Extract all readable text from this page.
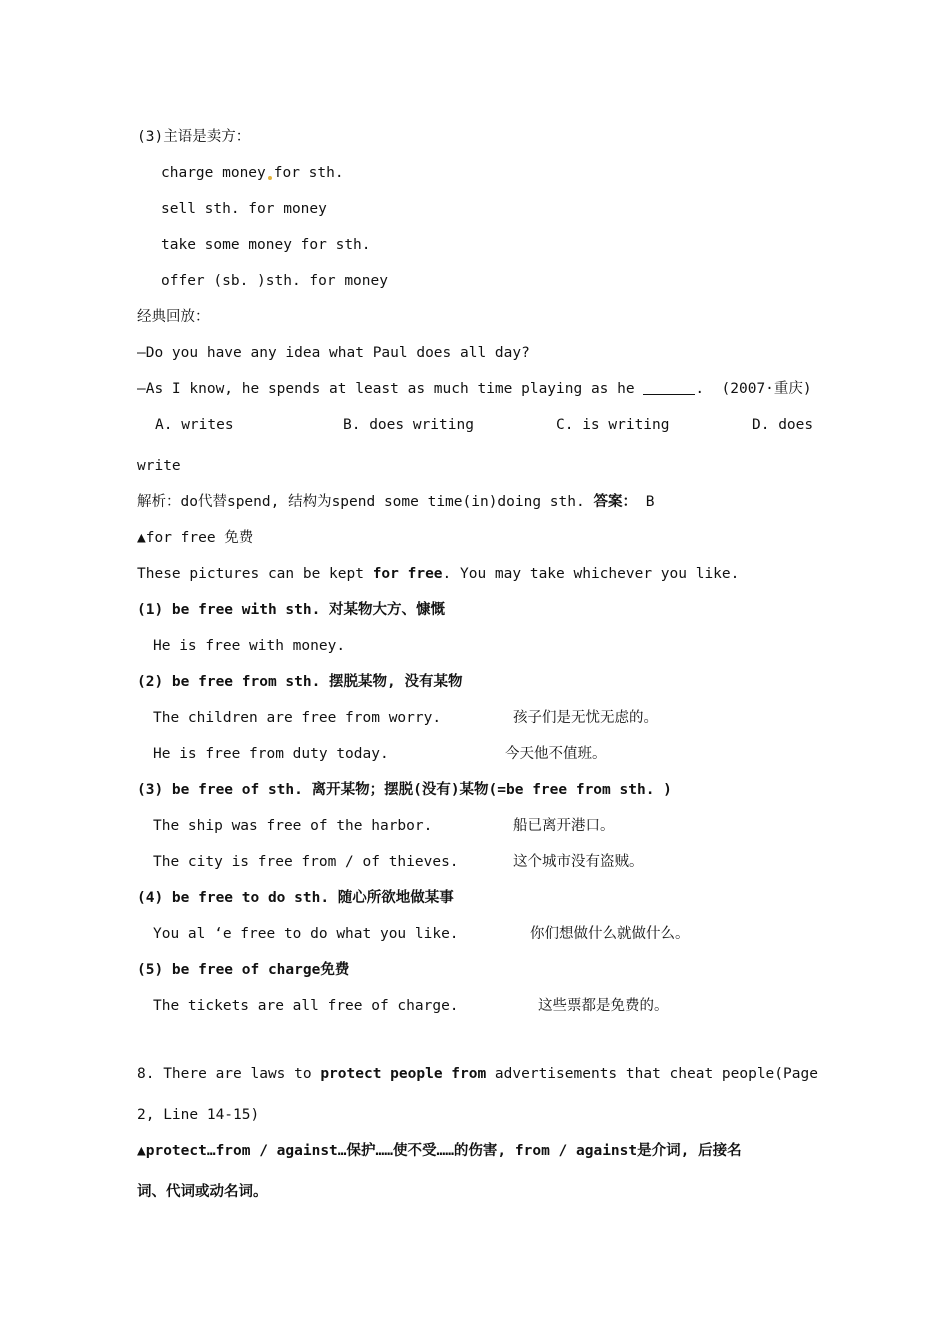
(3)主语是卖方：
charge money for sth.
sell sth. for money
take some money for sth.
offer (sb. )sth. for money
经典回放：
—Do you have any idea what Paul does all day?
—As I know, he spends at least as much time playing as he	.  (2007·重庆)
A. writes	B. does writing	C. is writing	D. does
write
解析：do代替spend, 结构为spend some time(in)doing sth. 答案： B
▲for free 免费
These pictures can be kept for free. You may take whichever you like.
(1) be free with sth. 对某物大方、慷慨
He is free with money.
(2) be free from sth. 摆脱某物, 没有某物
The children are free from worry.	孩子们是无忧无虑的。
He is free from duty today.	今天他不值班。
(3) be free of sth. 离开某物；摆脱(没有)某物(=be free from sth. )
The ship was free of the harbor.	船已离开港口。
The city is free from / of thieves.	这个城市没有盗贼。
(4) be free to do sth. 随心所欲地做某事
You al ‘e free to do what you like.	你们想做什么就做什么。
(5) be free of charge免费
The tickets are all free of charge.	这些票都是免费的。
8. There are laws to protect people from advertisements that cheat people(Page
2, Line 14-15)
▲protect…from / against…保护……使不受……的伤害, from / against是介词, 后接名
词、代词或动名词。
